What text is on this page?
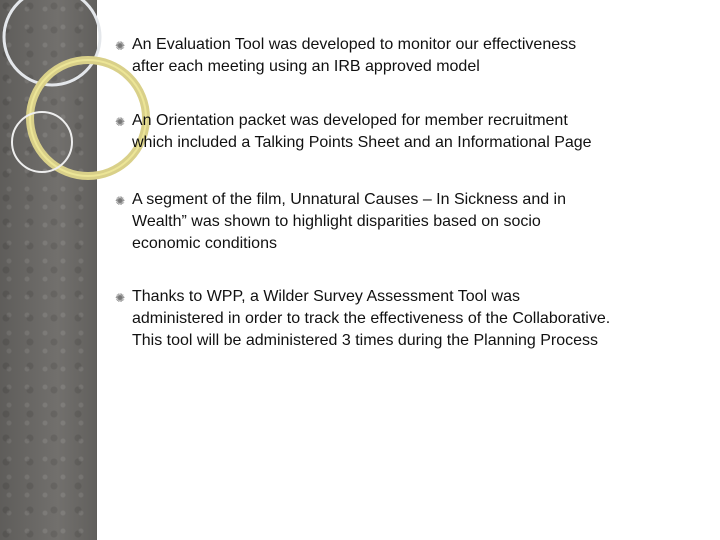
✺ An Evaluation Tool was developed to monitor our effectiveness
after each meeting using an IRB approved model
✺ An Orientation packet was developed for member recruitment
which included a Talking Points Sheet and an Informational Page
✺ A segment of the film, Unnatural Causes – In Sickness and in
Wealth” was shown to highlight disparities based on socio
economic conditions
✺ Thanks to WPP, a Wilder Survey Assessment Tool was
administered in order to track the effectiveness of the Collaborative.
This tool will be administered 3 times during the Planning Process
